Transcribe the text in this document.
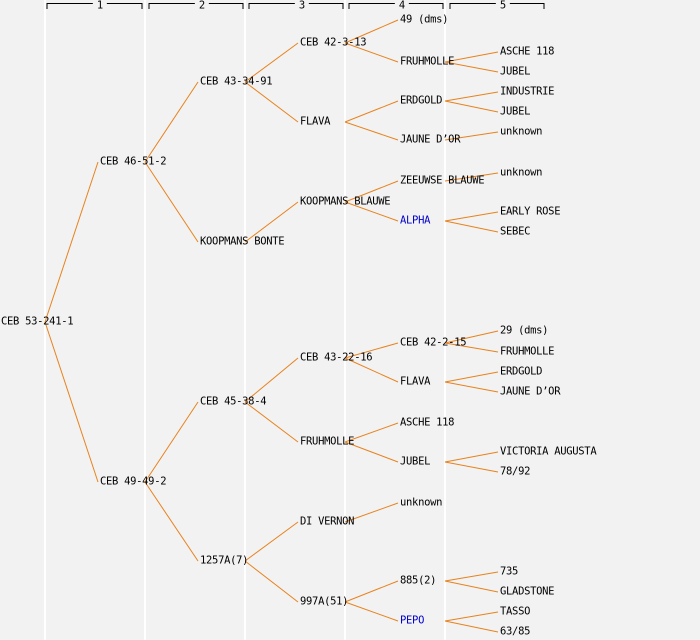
1	2	3	4	5
CEB 53-241-1
CEB 46-51-2
CEB 49-49-2
CEB 43-34-91
KOOPMANS BONTE
CEB 45-38-4
1257A(7)
CEB 42-3-13
FLAVA
KOOPMANS BLAUWE
CEB 43-22-16
FRUHMOLLE
DI VERNON
997A(51)
49 (dms)
FRUHMOLLE
ERDGOLD
JAUNE D’OR
ZEEUWSE BLAUWE
ALPHA
CEB 42-2-15
FLAVA
ASCHE 118
JUBEL
unknown
885(2)
PEPO
ASCHE 118
JUBEL
INDUSTRIE
JUBEL
unknown
unknown
EARLY ROSE
SEBEC
29 (dms)
FRUHMOLLE
ERDGOLD
JAUNE D’OR
VICTORIA AUGUSTA
78/92
735
GLADSTONE
TASSO
63/85
